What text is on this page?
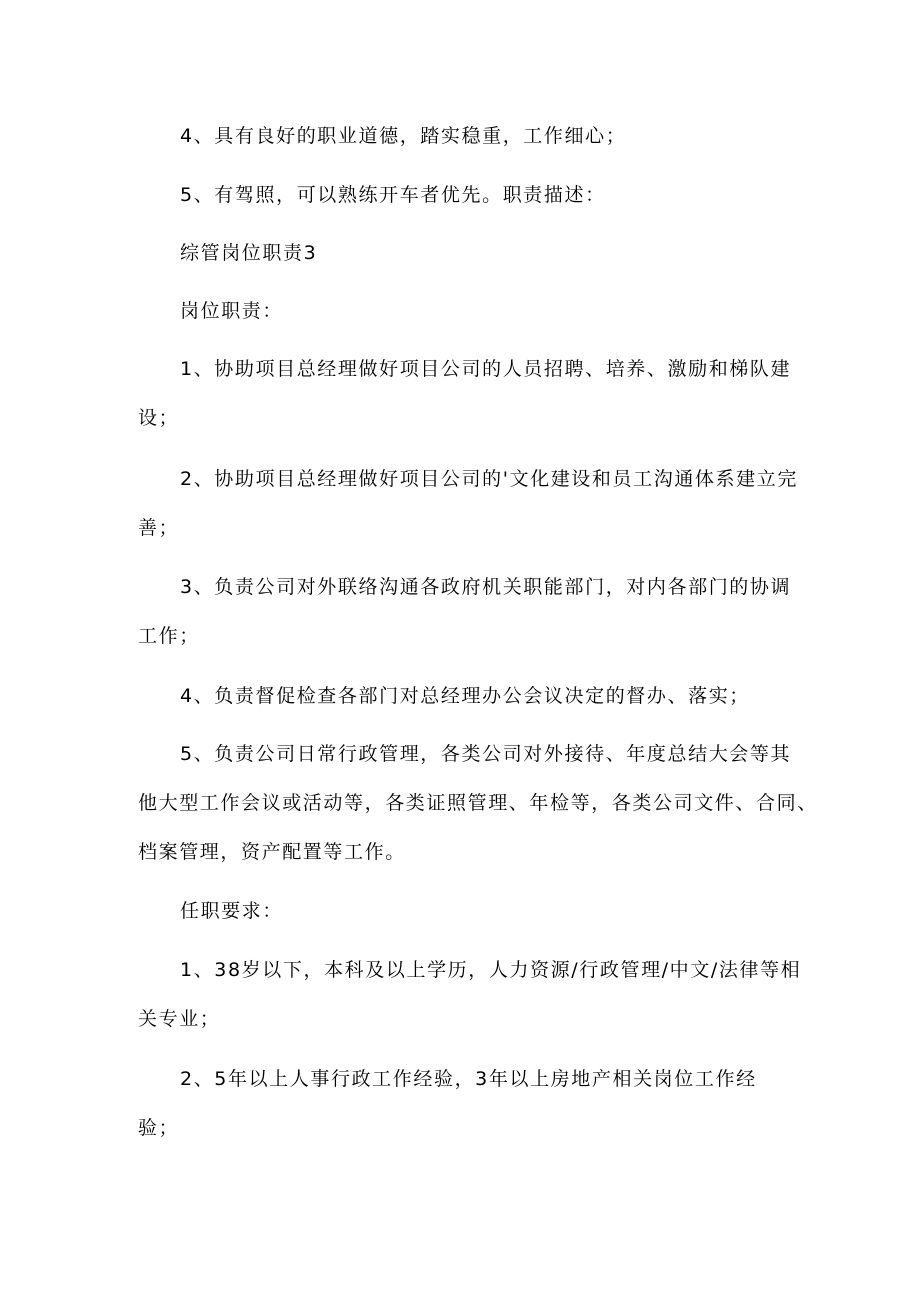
4、具有良好的职业道德，踏实稳重，工作细心；
5、有驾照，可以熟练开车者优先。职责描述：
综管岗位职责3
岗位职责：
1、协助项目总经理做好项目公司的人员招聘、培养、激励和梯队建
设；
2、协助项目总经理做好项目公司的'文化建设和员工沟通体系建立完
善；
3、负责公司对外联络沟通各政府机关职能部门，对内各部门的协调
工作；
4、负责督促检查各部门对总经理办公会议决定的督办、落实；
5、负责公司日常行政管理，各类公司对外接待、年度总结大会等其
他大型工作会议或活动等，各类证照管理、年检等，各类公司文件、合同、
档案管理，资产配置等工作。
任职要求：
1、38岁以下，本科及以上学历，人力资源/行政管理/中文/法律等相
关专业；
2、5年以上人事行政工作经验，3年以上房地产相关岗位工作经
验；
